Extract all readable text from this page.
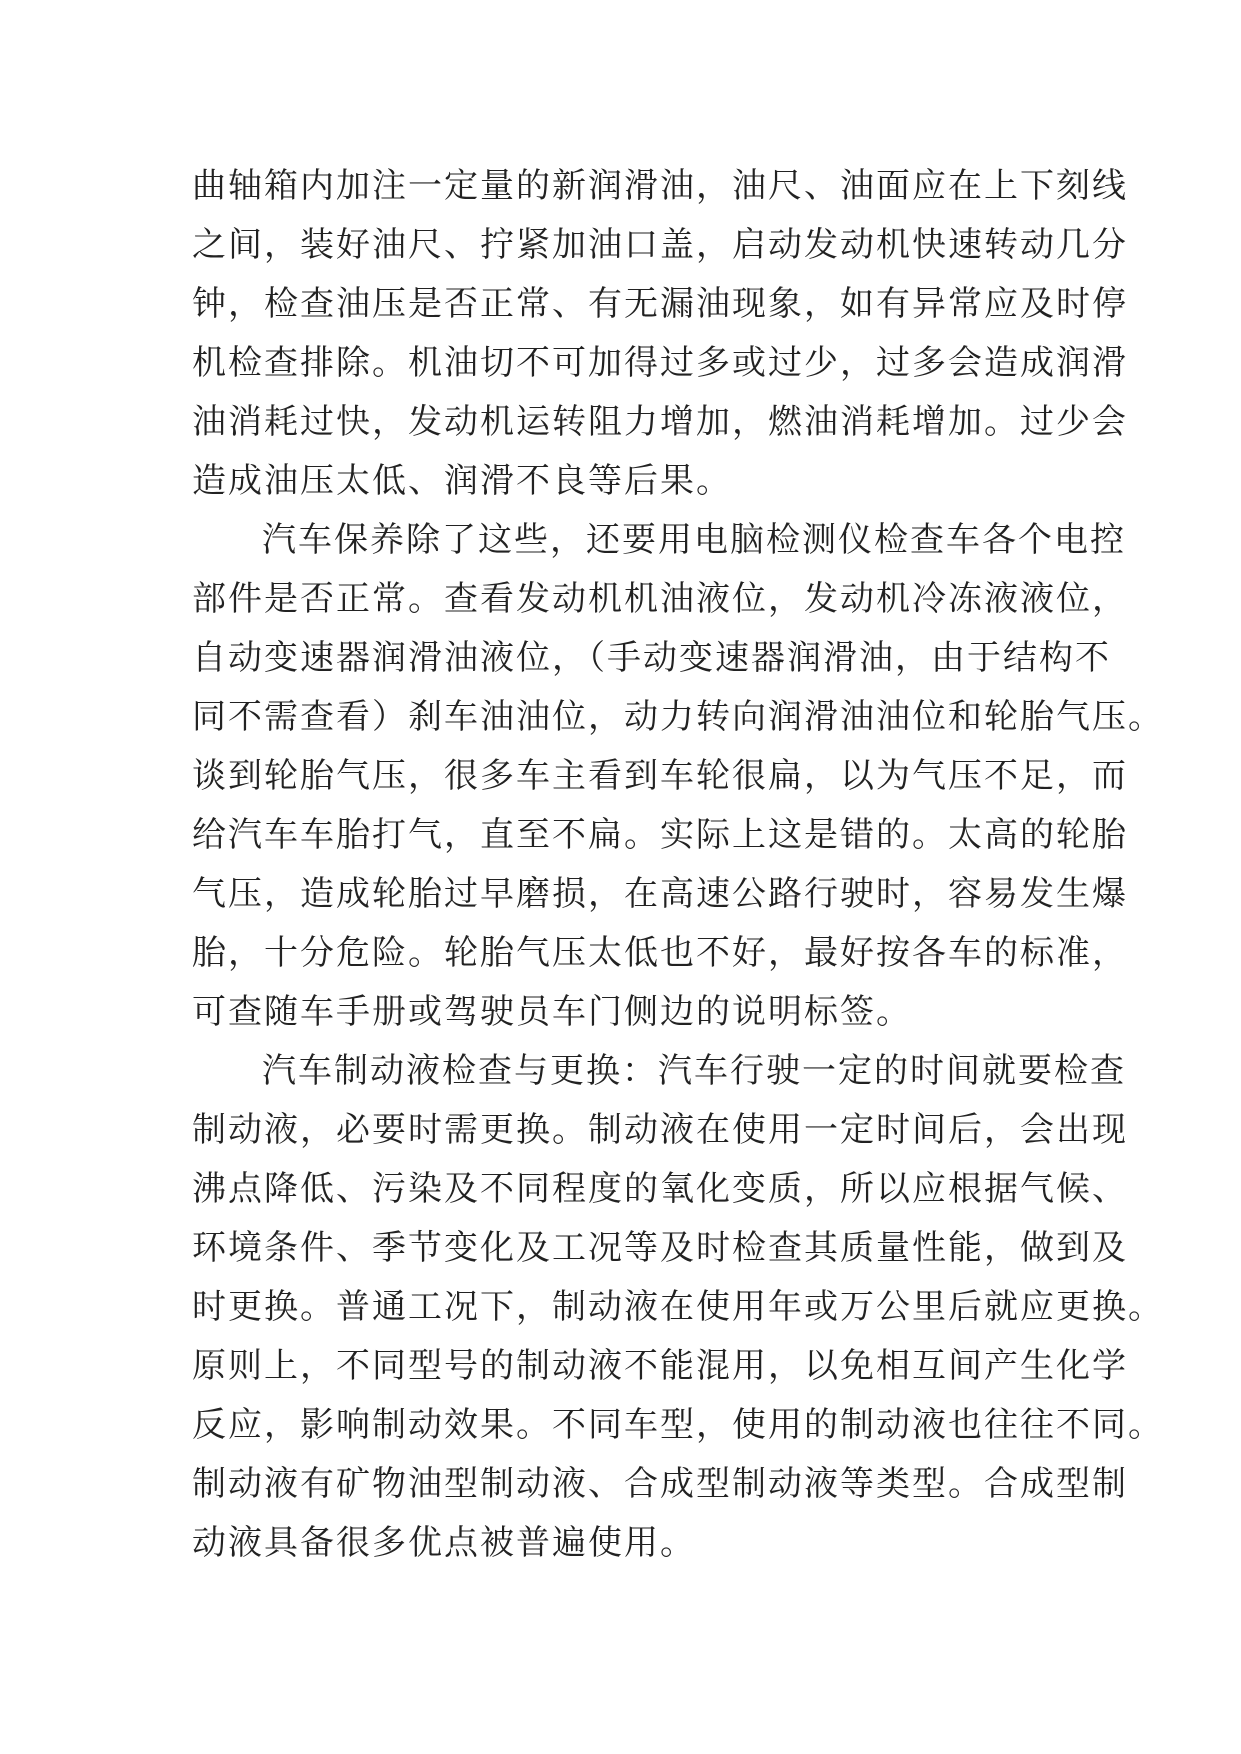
曲轴箱内加注一定量的新润滑油，油尺、油面应在上下刻线
之间，装好油尺、拧紧加油口盖，启动发动机快速转动几分
钟，检查油压是否正常、有无漏油现象，如有异常应及时停
机检查排除。机油切不可加得过多或过少，过多会造成润滑
油消耗过快，发动机运转阻力增加，燃油消耗增加。过少会
造成油压太低、润滑不良等后果。
汽车保养除了这些，还要用电脑检测仪检查车各个电控
部件是否正常。查看发动机机油液位，发动机冷冻液液位，
自动变速器润滑油液位，（手动变速器润滑油，由于结构不
同不需查看）刹车油油位，动力转向润滑油油位和轮胎气压。
谈到轮胎气压，很多车主看到车轮很扁，以为气压不足，而
给汽车车胎打气，直至不扁。实际上这是错的。太高的轮胎
气压，造成轮胎过早磨损，在高速公路行驶时，容易发生爆
胎，十分危险。轮胎气压太低也不好，最好按各车的标准，
可查随车手册或驾驶员车门侧边的说明标签。
汽车制动液检查与更换：汽车行驶一定的时间就要检查
制动液，必要时需更换。制动液在使用一定时间后，会出现
沸点降低、污染及不同程度的氧化变质，所以应根据气候、
环境条件、季节变化及工况等及时检查其质量性能，做到及
时更换。普通工况下，制动液在使用年或万公里后就应更换。
原则上，不同型号的制动液不能混用，以免相互间产生化学
反应，影响制动效果。不同车型，使用的制动液也往往不同。
制动液有矿物油型制动液、合成型制动液等类型。合成型制
动液具备很多优点被普遍使用。
